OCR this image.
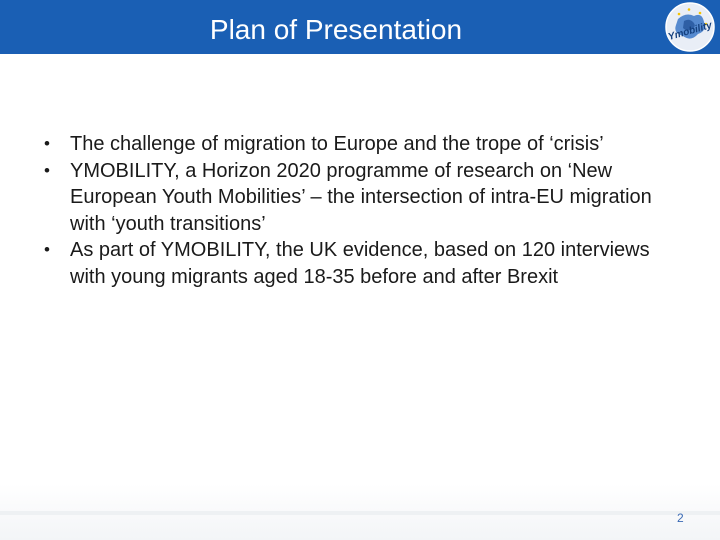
Plan of Presentation	Ymobility
• The challenge of migration to Europe and the trope of ‘crisis’
• YMOBILITY, a Horizon 2020 programme of research on ‘New European Youth Mobilities’ – the intersection of intra-EU migration with ‘youth transitions’
• As part of YMOBILITY, the UK evidence, based on 120 interviews with young migrants aged 18-35 before and after Brexit
2
